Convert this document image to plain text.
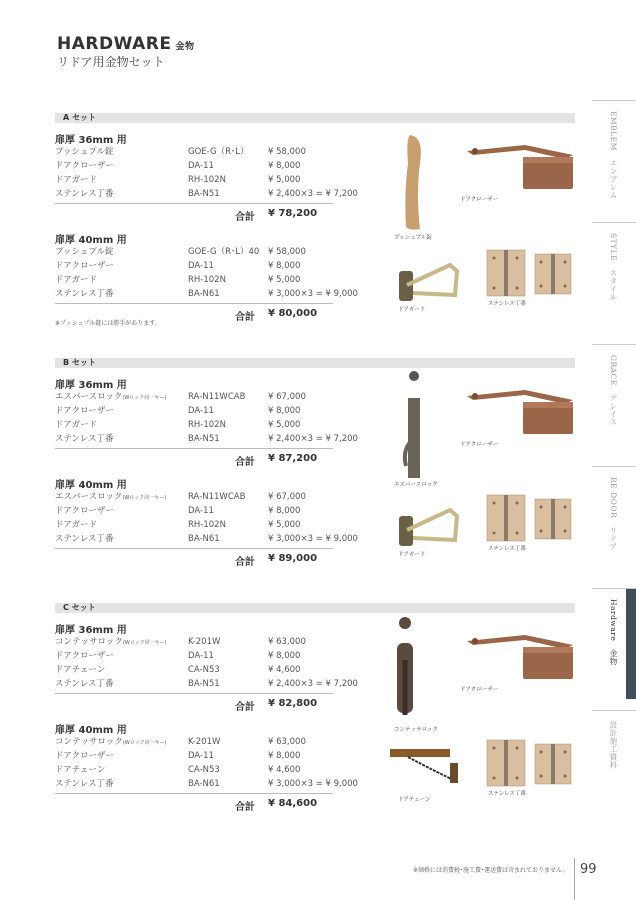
HARDWARE 金物
リドア用金物セット
A セット
扉厚 36mm 用
プッシュプル錠	GOE-G（R･L） ¥ 58,000
ドアクローザー	DA-11	¥ 8,000
ドアガード	RH-102N	¥ 5,000
ステンレス丁番	BA-N51	¥ 2,400×3 = ¥ 7,200
合計 ¥ 78,200
扉厚 40mm 用
プッシュプル錠	GOE-G（R･L）40 ¥ 58,000
ドアクローザー	DA-11	¥ 8,000
ドアガード	RH-102N	¥ 5,000
ステンレス丁番	BA-N61	¥ 3,000×3 = ¥ 9,000
合計 ¥ 80,000
※プッシュプル錠には勝手があります。
プッシュプル錠
ドアクローザー
ドアガード
ステンレス丁番
B セット
扉厚 36mm 用
エスパースロック(Wロック同一キー)	RA-N11WCAB	¥ 67,000
ドアクローザー	DA-11	¥ 8,000
ドアガード	RH-102N	¥ 5,000
ステンレス丁番	BA-N51	¥ 2,400×3 = ¥ 7,200
合計 ¥ 87,200
扉厚 40mm 用
エスパースロック(Wロック同一キー)	RA-N11WCAB	¥ 67,000
ドアクローザー	DA-11	¥ 8,000
ドアガード	RH-102N	¥ 5,000
ステンレス丁番	BA-N61	¥ 3,000×3 = ¥ 9,000
合計 ¥ 89,000
エスパースロック
ドアクローザー
ドアガード
ステンレス丁番
C セット
扉厚 36mm 用
コンテッサロック(Wロック同一キー)	K-201W	¥ 63,000
ドアクローザー	DA-11	¥ 8,000
ドアチェーン	CA-N53	¥ 4,600
ステンレス丁番	BA-N51	¥ 2,400×3 = ¥ 7,200
合計 ¥ 82,800
扉厚 40mm 用
コンテッサロック(Wロック同一キー)	K-201W	¥ 63,000
ドアクローザー	DA-11	¥ 8,000
ドアチェーン	CA-N53	¥ 4,600
ステンレス丁番	BA-N61	¥ 3,000×3 = ¥ 9,000
合計 ¥ 84,600
コンテッサロック
ドアクローザー
ドアチェーン
ステンレス丁番
EMBLEM　エンブレム
STYLE　スタイル
GRACE　グレイス
RE-DOOR　リドア
Hardware　金物
設計施工資料
※価格には消費税･施工費･運送費は含まれておりません。 99
